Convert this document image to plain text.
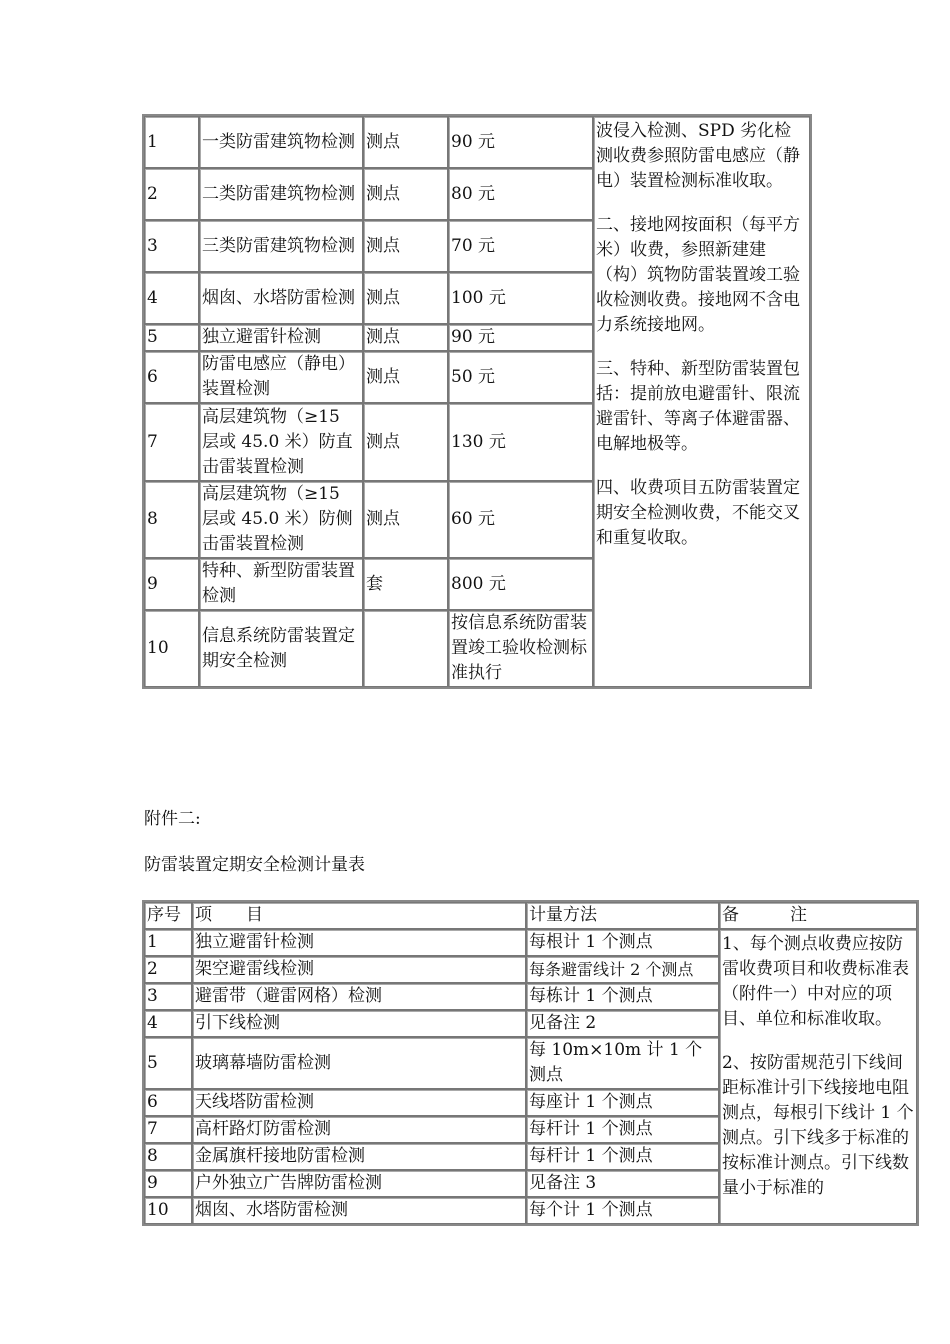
1	一类防雷建筑物检测	测点	90 元	波侵入检测、SPD 劣化检测收费参照防雷电感应（静电）装置检测标准收取。

二、接地网按面积（每平方米）收费，参照新建建（构）筑物防雷装置竣工验收检测收费。接地网不含电力系统接地网。

三、特种、新型防雷装置包括：提前放电避雷针、限流避雷针、等离子体避雷器、电解地极等。

四、收费项目五防雷装置定期安全检测收费，不能交叉和重复收取。

2	二类防雷建筑物检测	测点	80 元	
3	三类防雷建筑物检测	测点	70 元	
4	烟囱、水塔防雷检测	测点	100 元	
5	独立避雷针检测	测点	90 元	
6	防雷电感应（静电）装置检测	测点	50 元	
7	高层建筑物（≥15 层或 45.0 米）防直击雷装置检测	测点	130 元	
8	高层建筑物（≥15 层或 45.0 米）防侧击雷装置检测	测点	60 元	
9	特种、新型防雷装置检测	套	800 元	
10	信息系统防雷装置定期安全检测		按信息系统防雷装置竣工验收检测标准执行	
附件二:
防雷装置定期安全检测计量表
序号	项　　目	计量方法	备　　　注
1	独立避雷针检测	每根计 1 个测点	1、每个测点收费应按防雷收费项目和收费标准表（附件一）中对应的项目、单位和标准收取。

2、按防雷规范引下线间距标准计引下线接地电阻测点，每根引下线计 1 个测点。引下线多于标准的按标准计测点。引下线数量小于标准的

2	架空避雷线检测	每条避雷线计 2 个测点	
3	避雷带（避雷网格）检测	每栋计 1 个测点	
4	引下线检测	见备注 2	
5	玻璃幕墙防雷检测	每 10m×10m 计 1 个测点	
6	天线塔防雷检测	每座计 1 个测点	
7	高杆路灯防雷检测	每杆计 1 个测点	
8	金属旗杆接地防雷检测	每杆计 1 个测点	
9	户外独立广告牌防雷检测	见备注 3	
10	烟囱、水塔防雷检测	每个计 1 个测点	
